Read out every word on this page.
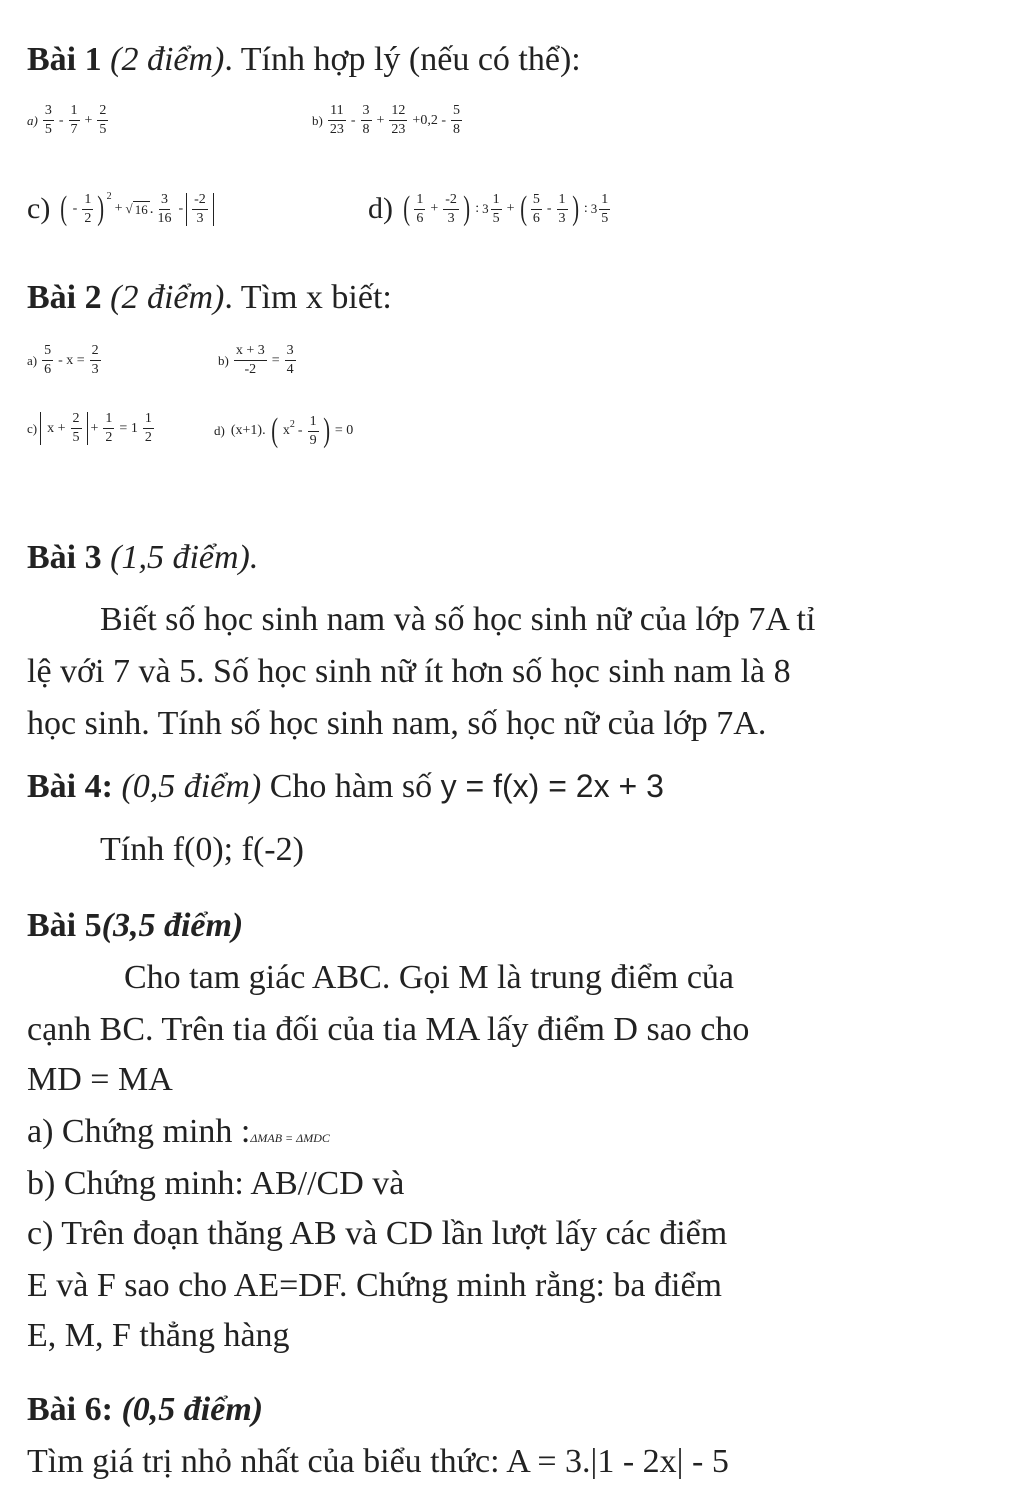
Bài 1 (2 điểm). Tính hợp lý (nếu có thể):
$a) \frac{3}{5} - \frac{1}{7} + \frac{2}{5}$	$b) \frac{11}{23} - \frac{3}{8} + \frac{12}{23} +0,2 - \frac{5}{8}$
c) ( - $\frac{1}{2}$ ) 2
+ √ 16 . $\frac{3}{16} - \frac{-2}{3}$	d) ( $\frac{1}{6} + \frac{-2}{3}$ ) : $3 \frac{1}{5}$ + ( $\frac{5}{6} - \frac{1}{3}$ ) : $3 \frac{1}{5}$
Bài 2 (2 điểm). Tìm x biết:
$a) \frac{5}{6} - x = \frac{2}{3}$	$b) \frac{x + 3}{-2} = \frac{3}{4}$
c) $x + \frac{2}{5} + \frac{1}{2} = 1 \frac{1}{2}$	d) (x+1). ( x $2 - \frac{1}{9}$ ) = 0
Bài 3 (1,5 điểm).
Biết số học sinh nam và số học sinh nữ của lớp 7A tỉ
lệ với 7 và 5. Số học sinh nữ ít hơn số học sinh nam là 8
học sinh. Tính số học sinh nam, số học nữ của lớp 7A.
Bài 4: (0,5 điểm) Cho hàm số y = f(x) = 2x + 3
Tính f(0); f(-2)
Bài 5(3,5 điểm)
Cho tam giác ABC. Gọi M là trung điểm của
cạnh BC. Trên tia đối của tia MA lấy điểm D sao cho
MD = MA
a) Chứng minh :ΔMAB = ΔMDC
b) Chứng minh: AB//CD và
c) Trên đoạn thăng AB và CD lần lượt lấy các điểm
E và F sao cho AE=DF. Chứng minh rằng: ba điểm
E, M, F thẳng hàng
Bài 6: (0,5 điểm)
Tìm giá trị nhỏ nhất của biểu thức: A = 3.|1 - 2x| - 5
